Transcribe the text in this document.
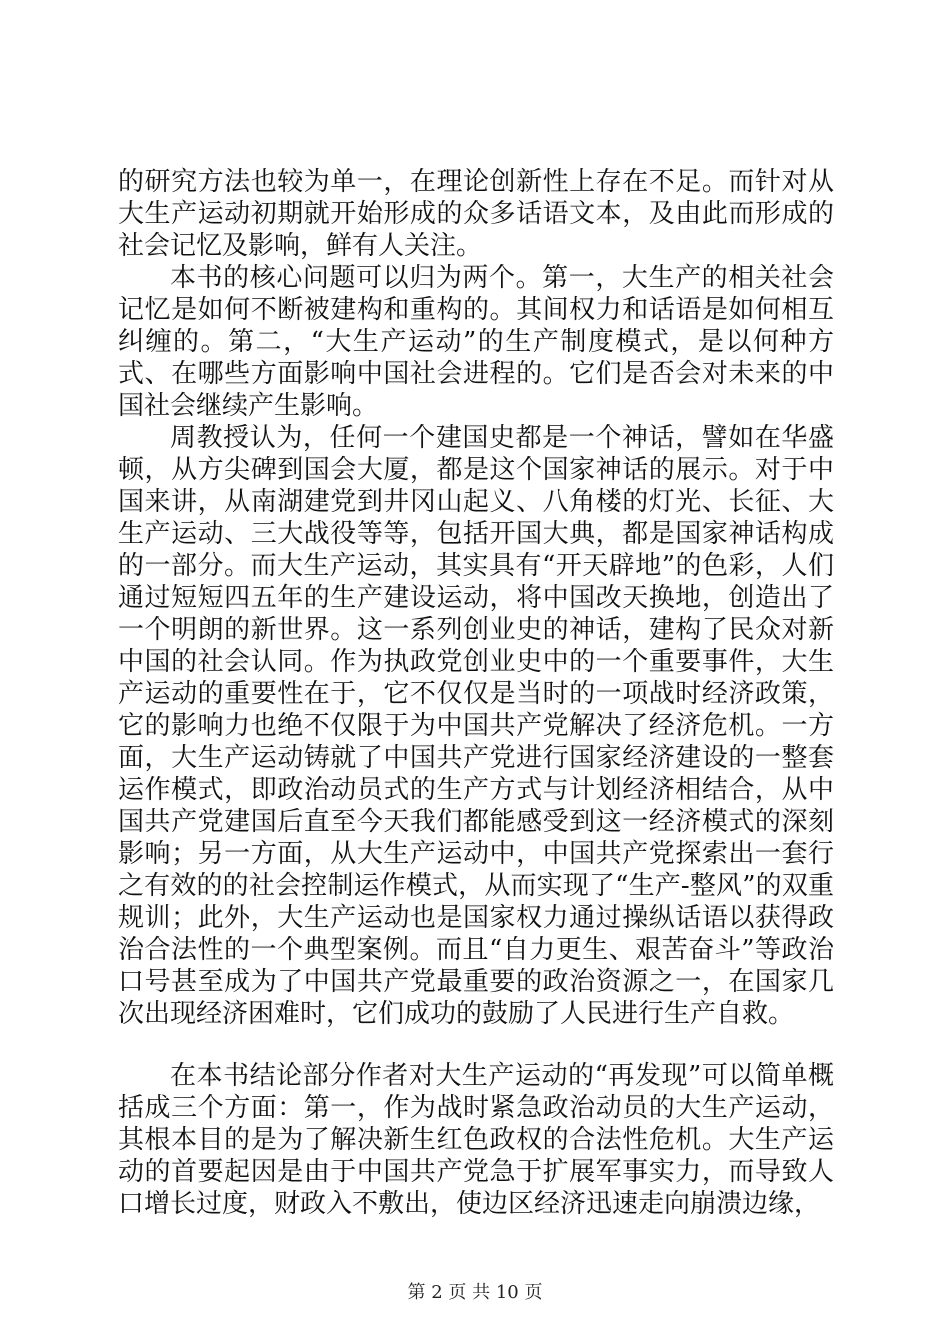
的研究方法也较为单一，在理论创新性上存在不足。而针对从大生产运动初期就开始形成的众多话语文本，及由此而形成的社会记忆及影响，鲜有人关注。

本书的核心问题可以归为两个。第一，大生产的相关社会记忆是如何不断被建构和重构的。其间权力和话语是如何相互纠缠的。第二，“大生产运动”的生产制度模式，是以何种方式、在哪些方面影响中国社会进程的。它们是否会对未来的中国社会继续产生影响。

周教授认为，任何一个建国史都是一个神话，譬如在华盛顿，从方尖碑到国会大厦，都是这个国家神话的展示。对于中国来讲，从南湖建党到井冈山起义、八角楼的灯光、长征、大生产运动、三大战役等等，包括开国大典，都是国家神话构成的一部分。而大生产运动，其实具有“开天辟地”的色彩，人们通过短短四五年的生产建设运动，将中国改天换地，创造出了一个明朗的新世界。这一系列创业史的神话，建构了民众对新中国的社会认同。作为执政党创业史中的一个重要事件，大生产运动的重要性在于，它不仅仅是当时的一项战时经济政策，它的影响力也绝不仅限于为中国共产党解决了经济危机。一方面，大生产运动铸就了中国共产党进行国家经济建设的一整套运作模式，即政治动员式的生产方式与计划经济相结合，从中国共产党建国后直至今天我们都能感受到这一经济模式的深刻影响；另一方面，从大生产运动中，中国共产党探索出一套行之有效的的社会控制运作模式，从而实现了“生产-整风”的双重规训；此外，大生产运动也是国家权力通过操纵话语以获得政治合法性的一个典型案例。而且“自力更生、艰苦奋斗”等政治口号甚至成为了中国共产党最重要的政治资源之一，在国家几次出现经济困难时，它们成功的鼓励了人民进行生产自救。

在本书结论部分作者对大生产运动的“再发现”可以简单概括成三个方面：第一，作为战时紧急政治动员的大生产运动，其根本目的是为了解决新生红色政权的合法性危机。大生产运动的首要起因是由于中国共产党急于扩展军事实力，而导致人口增长过度，财政入不敷出，使边区经济迅速走向崩溃边缘，

第 2 页 共 10 页
